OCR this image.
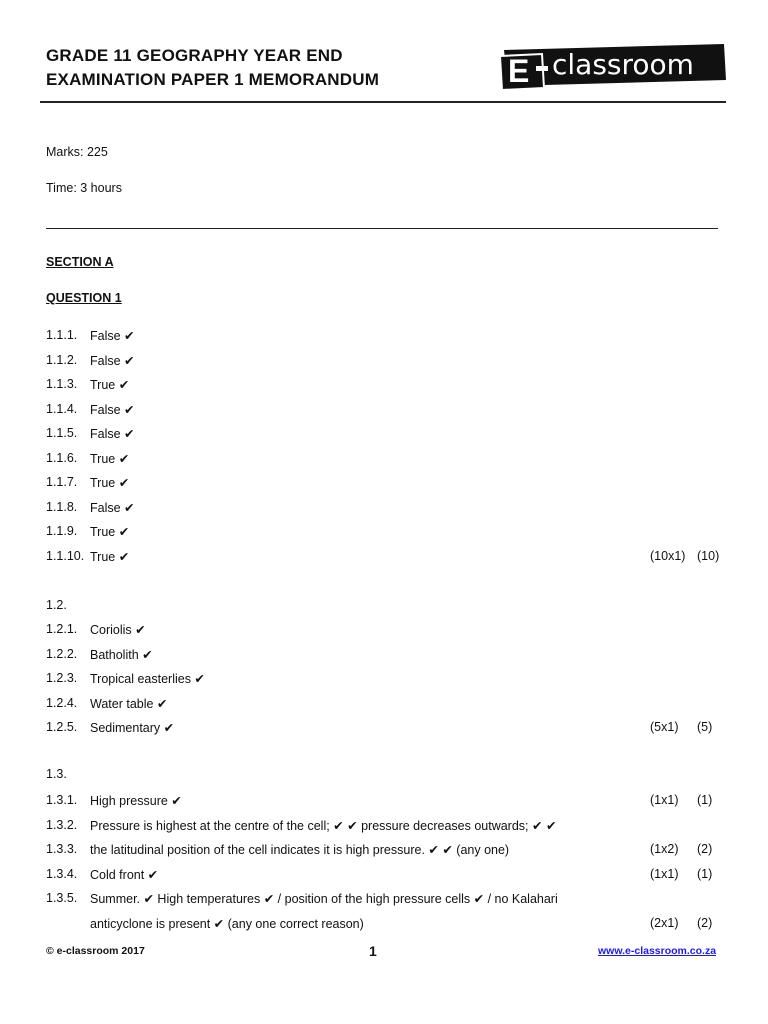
GRADE 11 GEOGRAPHY YEAR END
EXAMINATION PAPER 1 MEMORANDUM	E classroom
Marks: 225
Time: 3 hours
SECTION A
QUESTION 1
1.1.1. False ✔
1.1.2. False ✔
1.1.3. True ✔
1.1.4. False ✔
1.1.5. False ✔
1.1.6. True ✔
1.1.7. True ✔
1.1.8. False ✔
1.1.9. True ✔
1.1.10. True ✔	(10x1) (10)
1.2.
1.2.1. Coriolis ✔
1.2.2. Batholith ✔
1.2.3. Tropical easterlies ✔
1.2.4. Water table ✔
1.2.5. Sedimentary ✔	(5x1) (5)
1.3.
1.3.1. High pressure ✔	(1x1) (1)
1.3.2. Pressure is highest at the centre of the cell; ✔ ✔ pressure decreases outwards; ✔ ✔
1.3.3. the latitudinal position of the cell indicates it is high pressure. ✔ ✔ (any one)	(1x2) (2)
1.3.4. Cold front ✔	(1x1) (1)
1.3.5. Summer. ✔ High temperatures ✔ / position of the high pressure cells ✔ / no Kalahari
anticyclone is present ✔ (any one correct reason)	(2x1) (2)
© e-classroom 2017	1	www.e-classroom.co.za
